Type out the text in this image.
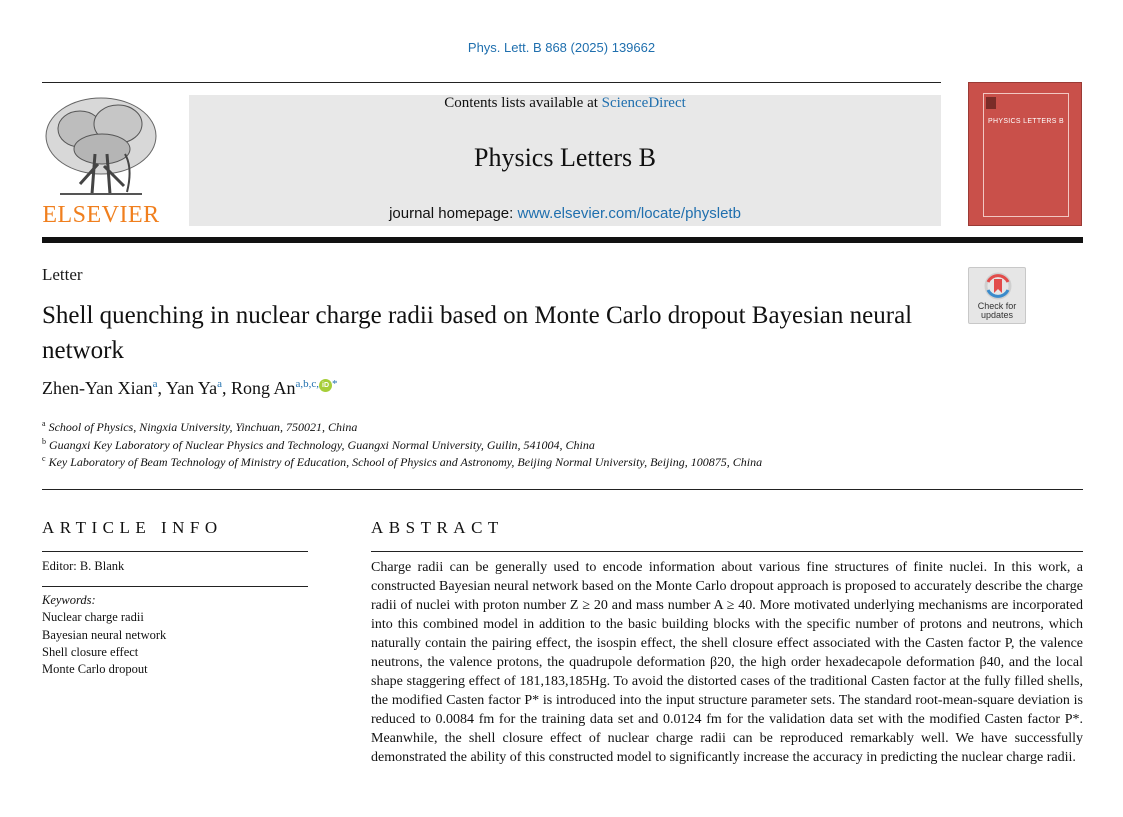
Phys. Lett. B 868 (2025) 139662
ELSEVIER
Contents lists available at ScienceDirect
Physics Letters B
journal homepage: www.elsevier.com/locate/physletb
PHYSICS LETTERS B
Letter
Shell quenching in nuclear charge radii based on Monte Carlo dropout Bayesian neural network
Check for
updates
Zhen-Yan Xian$^a$, Yan Ya$^a$, Rong $An^{a,b,c,}$ iD *
$^a$ School of Physics, Ningxia University, Yinchuan, 750021, China
$^b$ Guangxi Key Laboratory of Nuclear Physics and Technology, Guangxi Normal University, Guilin, 541004, China
$^c$ Key Laboratory of Beam Technology of Ministry of Education, School of Physics and Astronomy, Beijing Normal University, Beijing, 100875, China
ARTICLE INFO
Editor: B. Blank
Keywords:
Nuclear charge radii
Bayesian neural network
Shell closure effect
Monte Carlo dropout
ABSTRACT
Charge radii can be generally used to encode information about various fine structures of finite nuclei. In this work, a constructed Bayesian neural network based on the Monte Carlo dropout approach is proposed to accurately describe the charge radii of nuclei with proton number Z ≥ 20 and mass number A ≥ 40. More motivated underlying mechanisms are incorporated into this combined model in addition to the basic building blocks with the specific number of protons and neutrons, which naturally contain the pairing effect, the isospin effect, the shell closure effect associated with the Casten factor P, the valence neutrons, the valence protons, the quadrupole deformation β20, the high order hexadecapole deformation β40, and the local shape staggering effect of 181,183,185Hg. To avoid the distorted cases of the traditional Casten factor at the fully filled shells, the modified Casten factor P* is introduced into the input structure parameter sets. The standard root-mean-square deviation is reduced to 0.0084 fm for the training data set and 0.0124 fm for the validation data set with the modified Casten factor P*. Meanwhile, the shell closure effect of nuclear charge radii can be reproduced remarkably well. We have successfully demonstrated the ability of this constructed model to significantly increase the accuracy in predicting the nuclear charge radii.
